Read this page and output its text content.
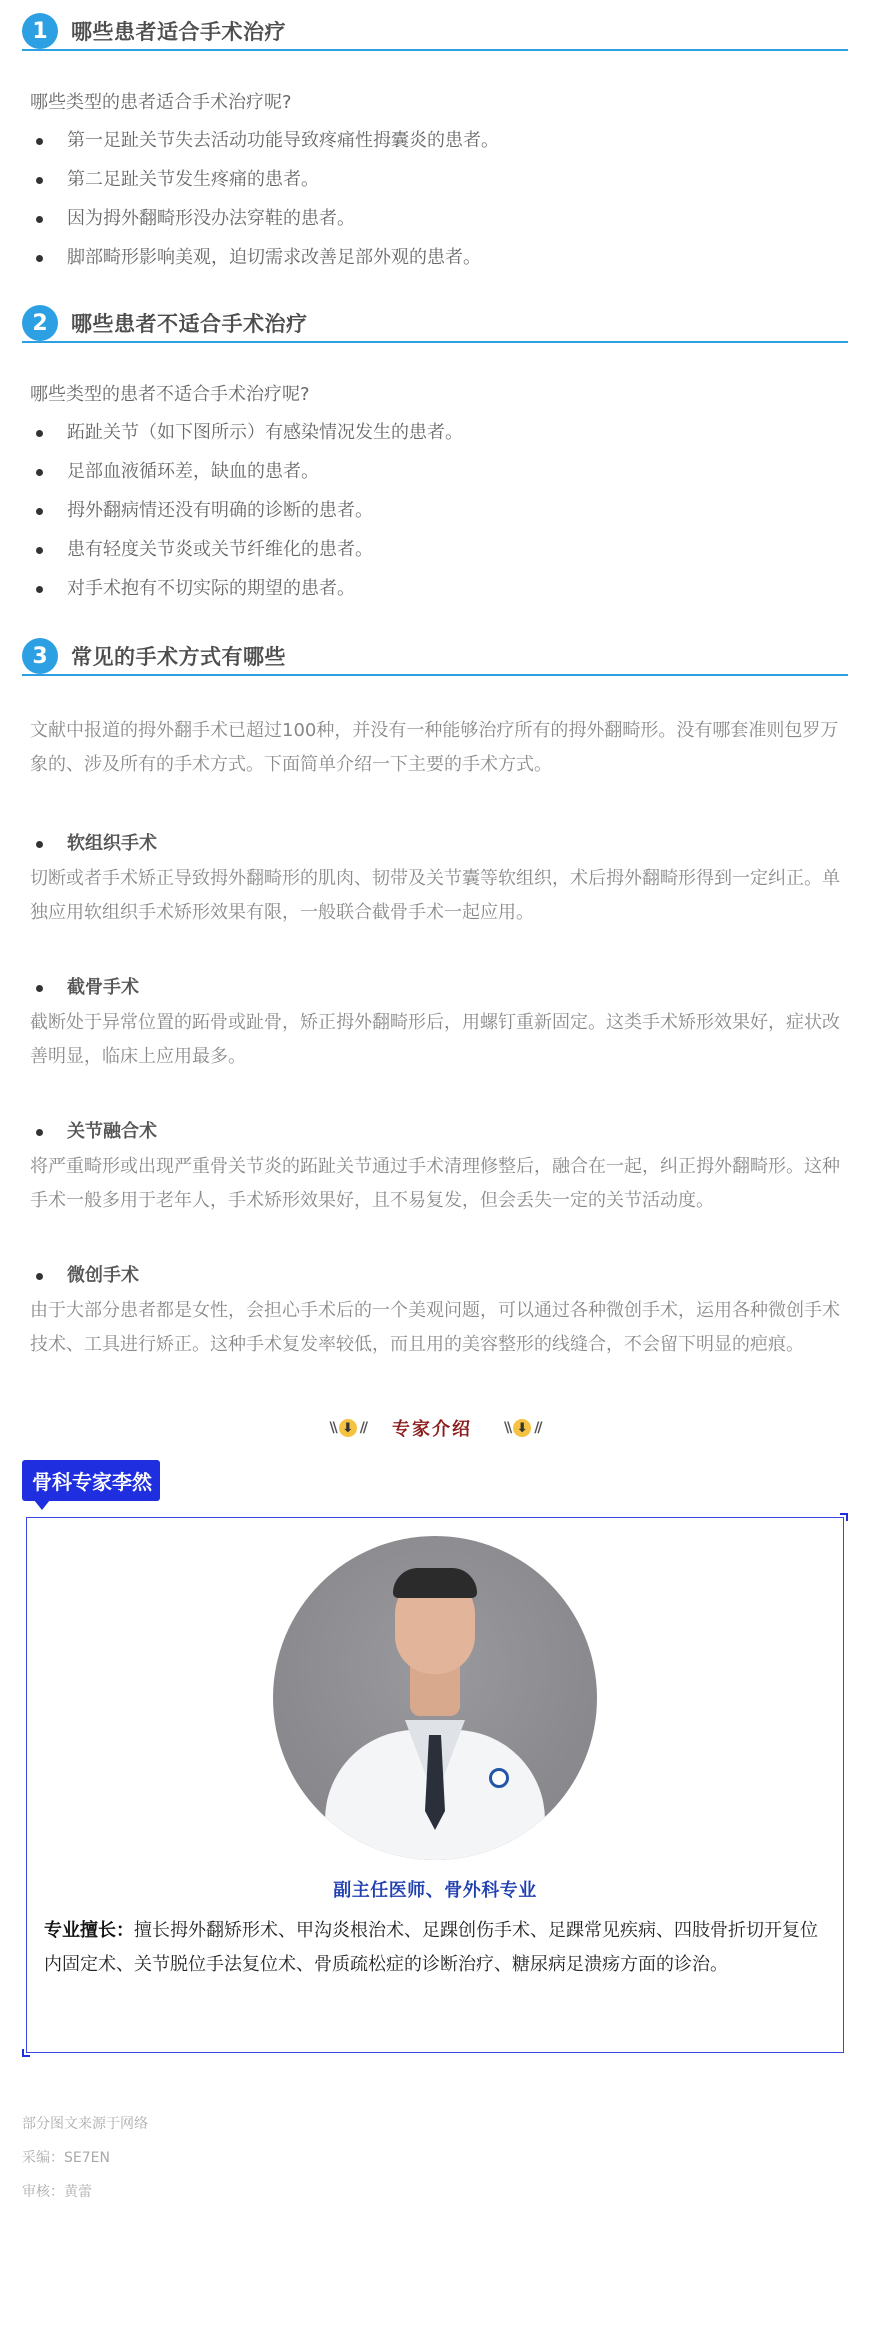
1	哪些患者适合手术治疗

哪些类型的患者适合手术治疗呢?

第一足趾关节失去活动功能导致疼痛性拇囊炎的患者。
第二足趾关节发生疼痛的患者。
因为拇外翻畸形没办法穿鞋的患者。
脚部畸形影响美观，迫切需求改善足部外观的患者。
2	哪些患者不适合手术治疗

哪些类型的患者不适合手术治疗呢?

跖趾关节（如下图所示）有感染情况发生的患者。
足部血液循环差，缺血的患者。
拇外翻病情还没有明确的诊断的患者。
患有轻度关节炎或关节纤维化的患者。
对手术抱有不切实际的期望的患者。
3	常见的手术方式有哪些

文献中报道的拇外翻手术已超过100种，并没有一种能够治疗所有的拇外翻畸形。没有哪套准则包罗万象的、涉及所有的手术方式。下面简单介绍一下主要的手术方式。

软组织手术

切断或者手术矫正导致拇外翻畸形的肌肉、韧带及关节囊等软组织，术后拇外翻畸形得到一定纠正。单独应用软组织手术矫形效果有限，一般联合截骨手术一起应用。

截骨手术

截断处于异常位置的跖骨或趾骨，矫正拇外翻畸形后，用螺钉重新固定。这类手术矫形效果好，症状改善明显，临床上应用最多。

关节融合术

将严重畸形或出现严重骨关节炎的跖趾关节通过手术清理修整后，融合在一起，纠正拇外翻畸形。这种手术一般多用于老年人，手术矫形效果好，且不易复发，但会丢失一定的关节活动度。

微创手术

由于大部分患者都是女性，会担心手术后的一个美观问题，可以通过各种微创手术，运用各种微创手术技术、工具进行矫正。这种手术复发率较低，而且用的美容整形的线缝合，不会留下明显的疤痕。

\\ ⬇ // 专家介绍 \\ ⬇ //
骨科专家李然
副主任医师、骨外科专业

专业擅长：擅长拇外翻矫形术、甲沟炎根治术、足踝创伤手术、足踝常见疾病、四肢骨折切开复位内固定术、关节脱位手法复位术、骨质疏松症的诊断治疗、糖尿病足溃疡方面的诊治。

部分图文来源于网络
采编：SE7EN
审核：黄蕾
